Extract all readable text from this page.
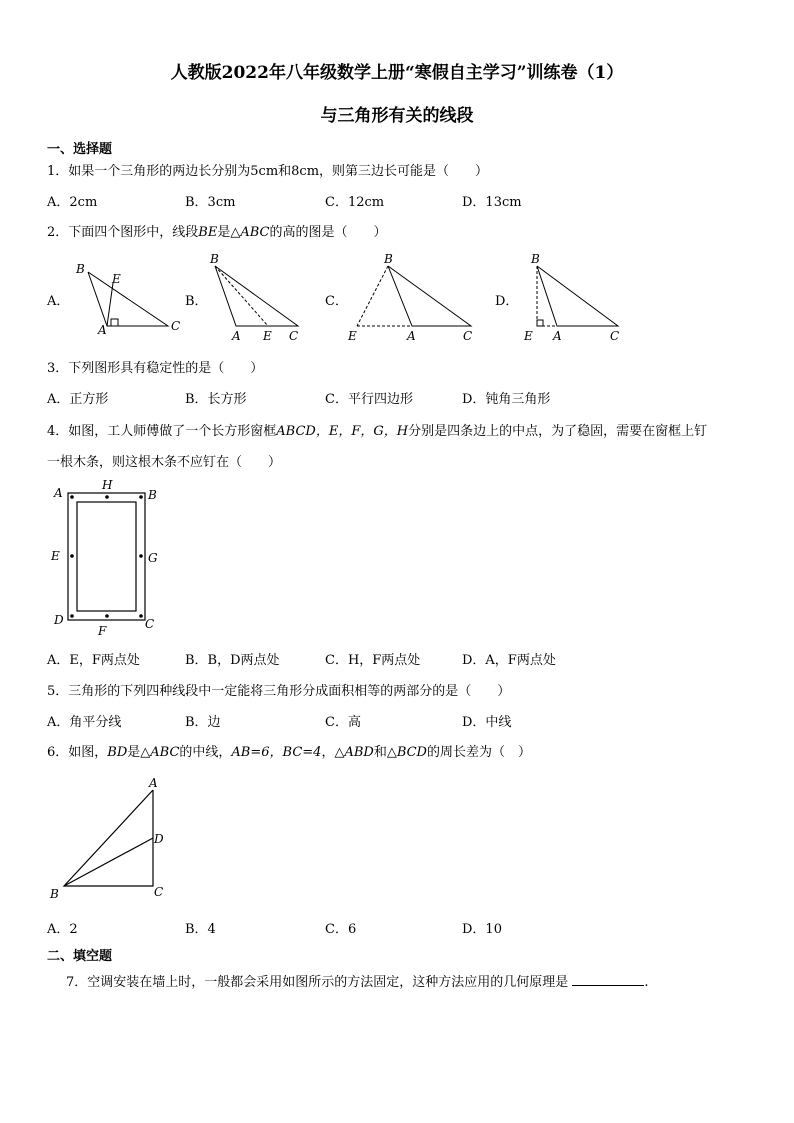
人教版2022年八年级数学上册“寒假自主学习”训练卷（1）
与三角形有关的线段
一、选择题
1．如果一个三角形的两边长分别为5cm和8cm，则第三边长可能是（　　）
A．2cm	B．3cm	C．12cm	D．13cm
2．下面四个图形中，线段BE是△ABC的高的图是（　　）
A．	B．	C．	D．
B
E
A	C
B
A E C
B
E	A	C
B
E A	C
3．下列图形具有稳定性的是（　　）
A．正方形	B．长方形	C．平行四边形	D．钝角三角形
4．如图，工人师傅做了一个长方形窗框ABCD，E，F，G，H分别是四条边上的中点，为了稳固，需要在窗框上钉
一根木条，则这根木条不应钉在（　　）
A
H
B
E	G
D	C
F
A．E，F两点处	B．B，D两点处	C．H，F两点处	D．A，F两点处
5．三角形的下列四种线段中一定能将三角形分成面积相等的两部分的是（　　）
A．角平分线	B．边	C．高	D．中线
6．如图，BD是△ABC的中线，AB=6，BC=4，△ABD和△BCD的周长差为（　）
A
D
B	C
A．2	B．4	C．6	D．10
二、填空题
7．空调安装在墙上时，一般都会采用如图所示的方法固定，这种方法应用的几何原理是	.
